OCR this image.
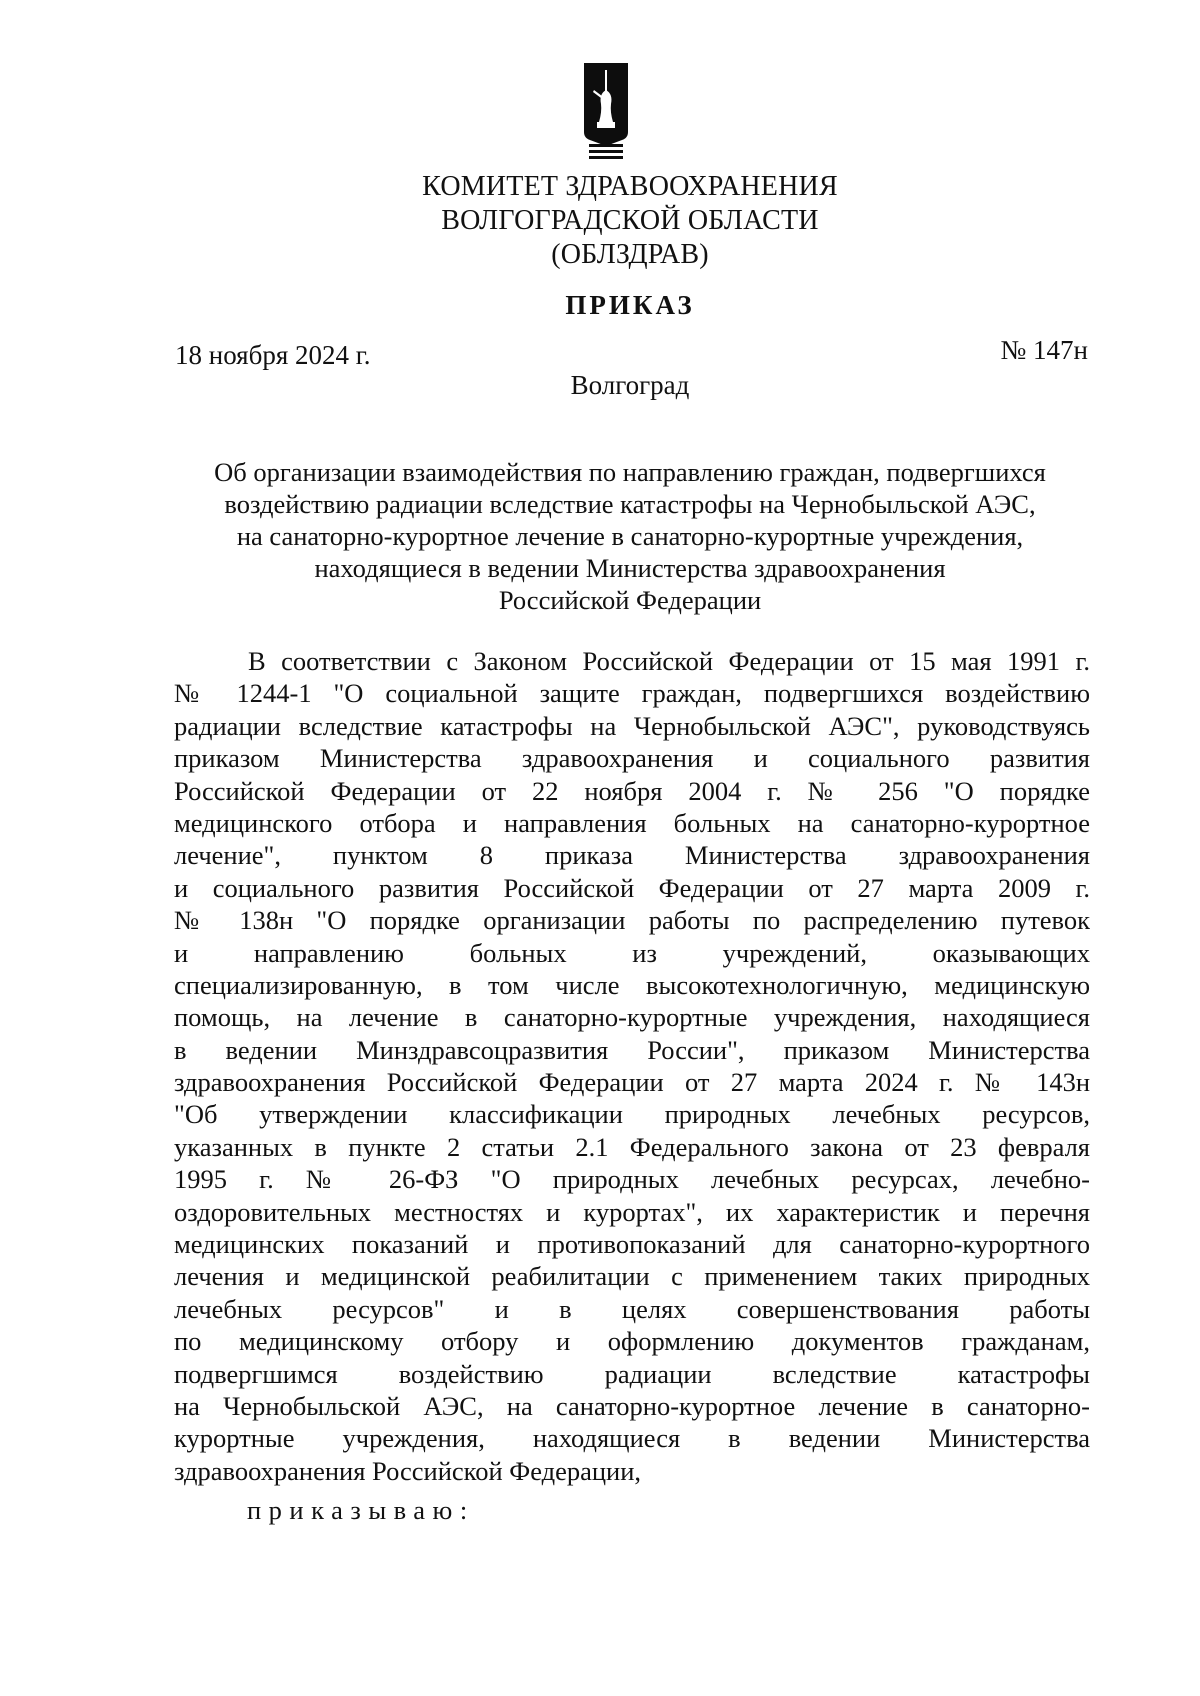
КОМИТЕТ ЗДРАВООХРАНЕНИЯ
ВОЛГОГРАДСКОЙ ОБЛАСТИ
(ОБЛЗДРАВ)
ПРИКАЗ
18 ноября 2024 г.	№ 147н
Волгоград
Об организации взаимодействия по направлению граждан, подвергшихся
воздействию радиации вследствие катастрофы на Чернобыльской АЭС,
на санаторно-курортное лечение в санаторно-курортные учреждения,
находящиеся в ведении Министерства здравоохранения
Российской Федерации
В соответствии с Законом Российской Федерации от 15 мая 1991 г.
№ 1244-1 "О социальной защите граждан, подвергшихся воздействию
радиации вследствие катастрофы на Чернобыльской АЭС", руководствуясь
приказом Министерства здравоохранения и социального развития
Российской Федерации от 22 ноября 2004 г. № 256 "О порядке
медицинского отбора и направления больных на санаторно-курортное
лечение", пунктом 8 приказа Министерства здравоохранения
и социального развития Российской Федерации от 27 марта 2009 г.
№ 138н "О порядке организации работы по распределению путевок
и направлению больных из учреждений, оказывающих
специализированную, в том числе высокотехнологичную, медицинскую
помощь, на лечение в санаторно-курортные учреждения, находящиеся
в ведении Минздравсоцразвития России", приказом Министерства
здравоохранения Российской Федерации от 27 марта 2024 г. № 143н
"Об утверждении классификации природных лечебных ресурсов,
указанных в пункте 2 статьи 2.1 Федерального закона от 23 февраля
1995 г. № 26-ФЗ "О природных лечебных ресурсах, лечебно-
оздоровительных местностях и курортах", их характеристик и перечня
медицинских показаний и противопоказаний для санаторно-курортного
лечения и медицинской реабилитации с применением таких природных
лечебных ресурсов" и в целях совершенствования работы
по медицинскому отбору и оформлению документов гражданам,
подвергшимся воздействию радиации вследствие катастрофы
на Чернобыльской АЭС, на санаторно-курортное лечение в санаторно-
курортные учреждения, находящиеся в ведении Министерства
здравоохранения Российской Федерации,
приказываю:
